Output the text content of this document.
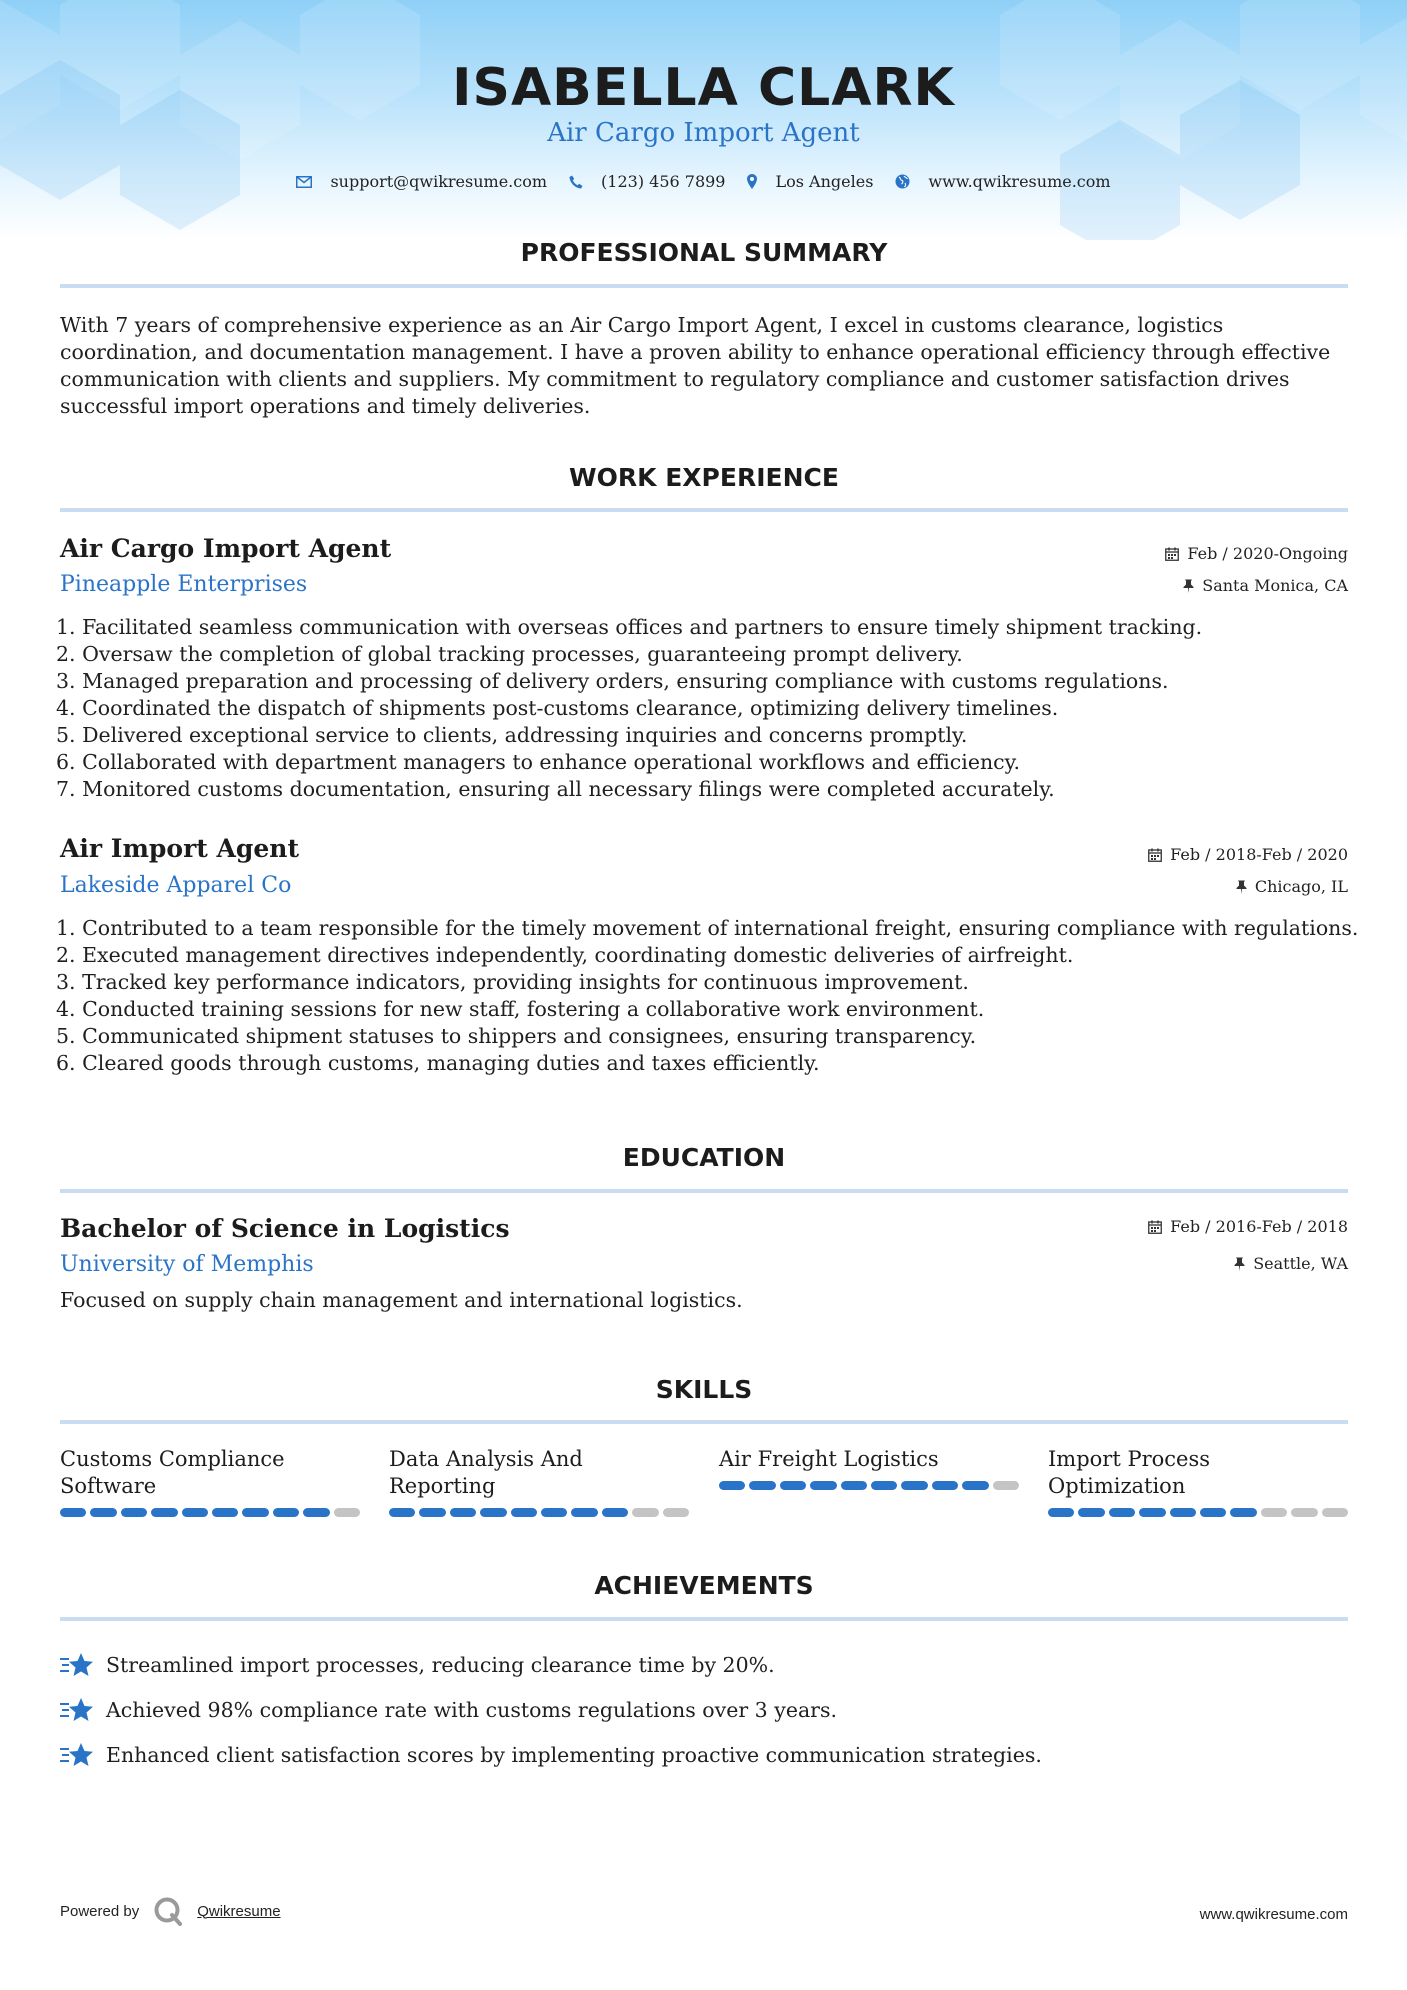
ISABELLA CLARK
Air Cargo Import Agent
support@qwikresume.com	(123) 456 7899	Los Angeles	www.qwikresume.com
PROFESSIONAL SUMMARY

With 7 years of comprehensive experience as an Air Cargo Import Agent, I excel in customs clearance, logistics coordination, and documentation management. I have a proven ability to enhance operational efficiency through effective communication with clients and suppliers. My commitment to regulatory compliance and customer satisfaction drives successful import operations and timely deliveries.

WORK EXPERIENCE
Air Cargo Import Agent	Feb / 2020-Ongoing
Pineapple Enterprises	Santa Monica, CA
1. Facilitated seamless communication with overseas offices and partners to ensure timely shipment tracking.
2. Oversaw the completion of global tracking processes, guaranteeing prompt delivery.
3. Managed preparation and processing of delivery orders, ensuring compliance with customs regulations.
4. Coordinated the dispatch of shipments post-customs clearance, optimizing delivery timelines.
5. Delivered exceptional service to clients, addressing inquiries and concerns promptly.
6. Collaborated with department managers to enhance operational workflows and efficiency.
7. Monitored customs documentation, ensuring all necessary filings were completed accurately.
Air Import Agent	Feb / 2018-Feb / 2020
Lakeside Apparel Co	Chicago, IL
1. Contributed to a team responsible for the timely movement of international freight, ensuring compliance with regulations.
2. Executed management directives independently, coordinating domestic deliveries of airfreight.
3. Tracked key performance indicators, providing insights for continuous improvement.
4. Conducted training sessions for new staff, fostering a collaborative work environment.
5. Communicated shipment statuses to shippers and consignees, ensuring transparency.
6. Cleared goods through customs, managing duties and taxes efficiently.
EDUCATION
Bachelor of Science in Logistics	Feb / 2016-Feb / 2018
University of Memphis	Seattle, WA
Focused on supply chain management and international logistics.
SKILLS
Customs Compliance
Software
Data Analysis And Reporting
Air Freight Logistics	Import Process Optimization
ACHIEVEMENTS
Streamlined import processes, reducing clearance time by 20%.
Achieved 98% compliance rate with customs regulations over 3 years.
Enhanced client satisfaction scores by implementing proactive communication strategies.
Powered by	Qwikresume	www.qwikresume.com
